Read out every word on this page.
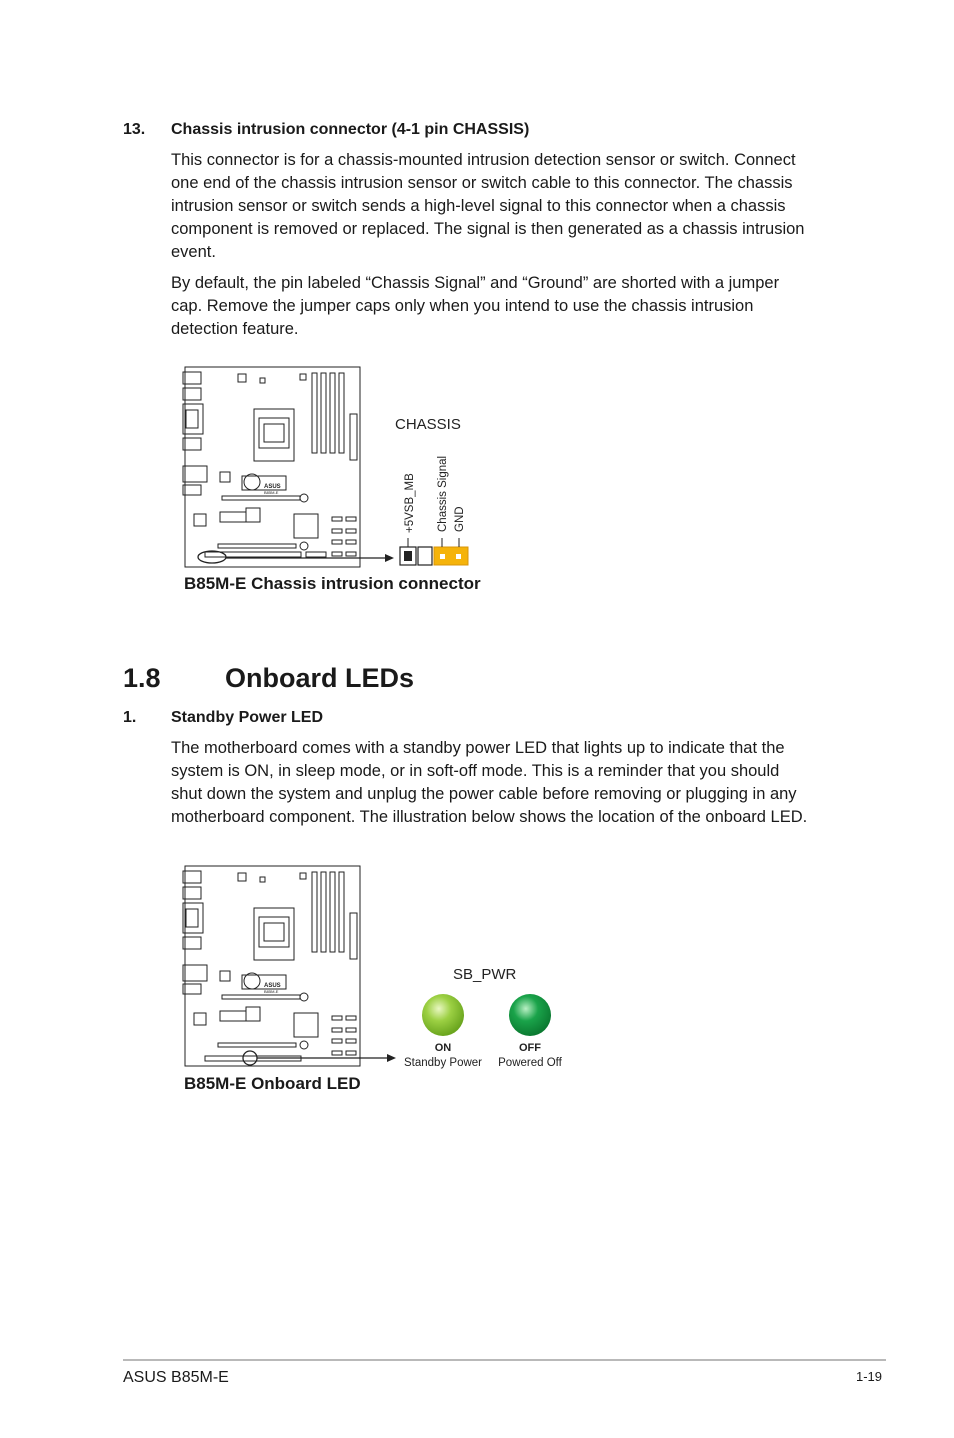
13. Chassis intrusion connector (4-1 pin CHASSIS)
This connector is for a chassis-mounted intrusion detection sensor or switch. Connect
one end of the chassis intrusion sensor or switch cable to this connector. The chassis
intrusion sensor or switch sends a high-level signal to this connector when a chassis
component is removed or replaced. The signal is then generated as a chassis intrusion
event.
By default, the pin labeled “Chassis Signal” and “Ground” are shorted with a jumper
cap. Remove the jumper caps only when you intend to use the chassis intrusion
detection feature.
ASUS
B85M-E
CHASSIS
+5VSB_MB Chassis Signal GND
B85M-E Chassis intrusion connector
1.8 Onboard LEDs
1. Standby Power LED
The motherboard comes with a standby power LED that lights up to indicate that the
system is ON, in sleep mode, or in soft-off mode. This is a reminder that you should
shut down the system and unplug the power cable before removing or plugging in any
motherboard component. The illustration below shows the location of the onboard LED.
ASUS
B85M-E
SB_PWR
ON
Standby Power
OFF
Powered Off
B85M-E Onboard LED
ASUS B85M-E	1-19
